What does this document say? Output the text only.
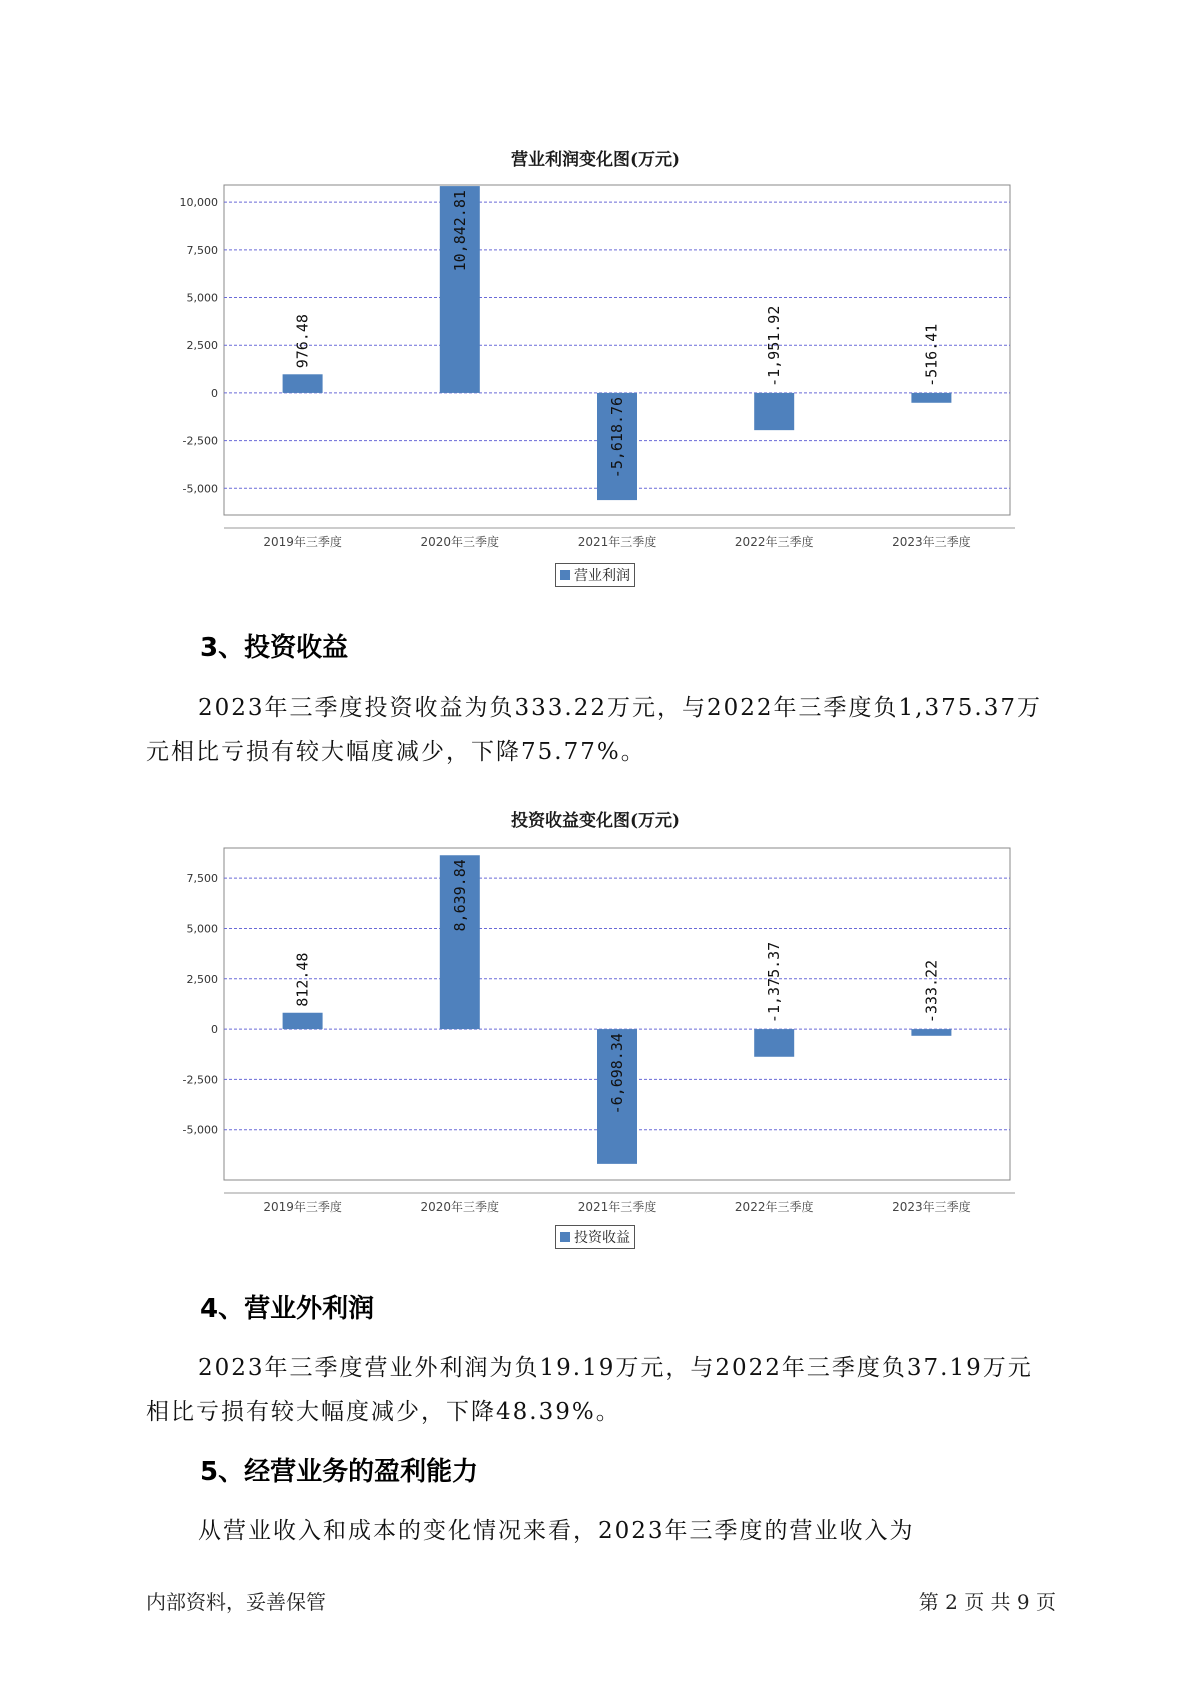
营业利润变化图(万元)
10,000
7,500
5,000
2,500
0
-2,500
-5,000
976.48
2019年三季度
10,842.81
2020年三季度
-5,618.76
2021年三季度
-1,951.92
2022年三季度
-516.41
2023年三季度
营业利润
3、投资收益
2023年三季度投资收益为负333.22万元，与2022年三季度负1,375.37万元相比亏损有较大幅度减少，下降75.77%。
投资收益变化图(万元)
7,500
5,000
2,500
0
-2,500
-5,000
812.48
2019年三季度
8,639.84
2020年三季度
-6,698.34
2021年三季度
-1,375.37
2022年三季度
-333.22
2023年三季度
投资收益
4、营业外利润
2023年三季度营业外利润为负19.19万元，与2022年三季度负37.19万元相比亏损有较大幅度减少，下降48.39%。
5、经营业务的盈利能力
从营业收入和成本的变化情况来看，2023年三季度的营业收入为
内部资料，妥善保管	第 2 页 共 9 页
